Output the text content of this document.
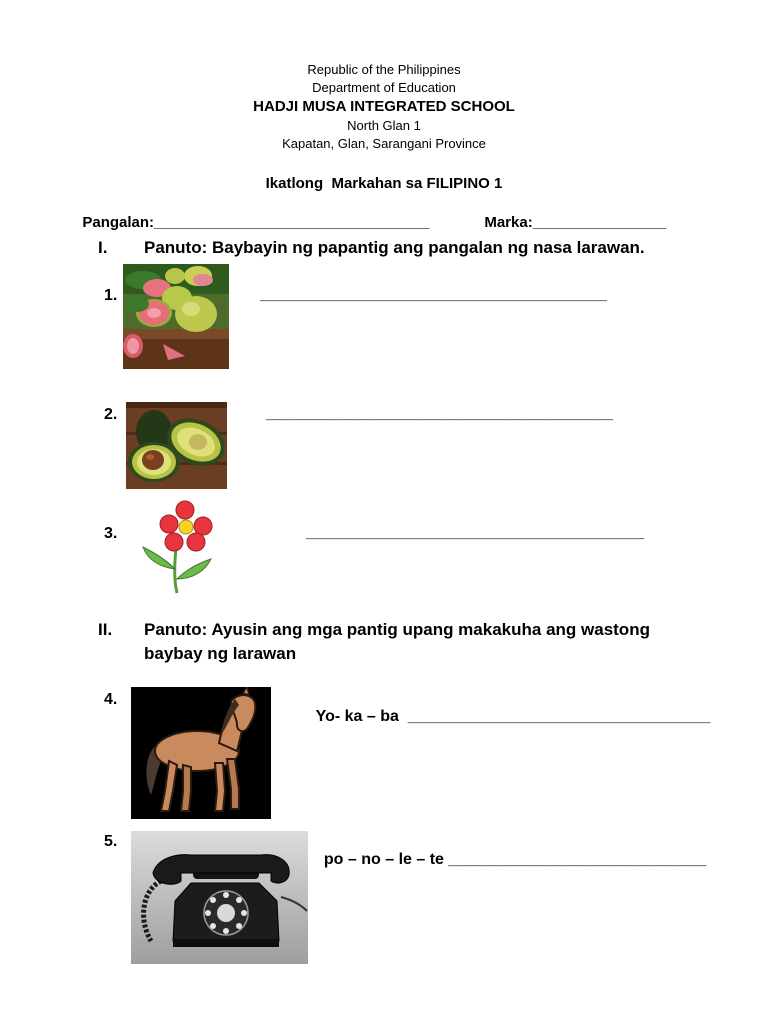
Republic of the Philippines
Department of Education
HADJI MUSA INTEGRATED SCHOOL
North Glan 1
Kapatan, Glan, Sarangani Province
Ikatlong  Markahan sa FILIPINO 1

Pangalan:_________________________________	Marka:________________

I. Panuto: Baybayin ng papantig ang pangalan ng nasa larawan.
1.	_______________________________________
2.	_______________________________________
3.	______________________________________
II. Panuto: Ayusin ang mga pantig upang makakuha ang wastong
baybay ng larawan
4.

Yo- ka – ba __________________________________

5.

po – no – le – te _____________________________
